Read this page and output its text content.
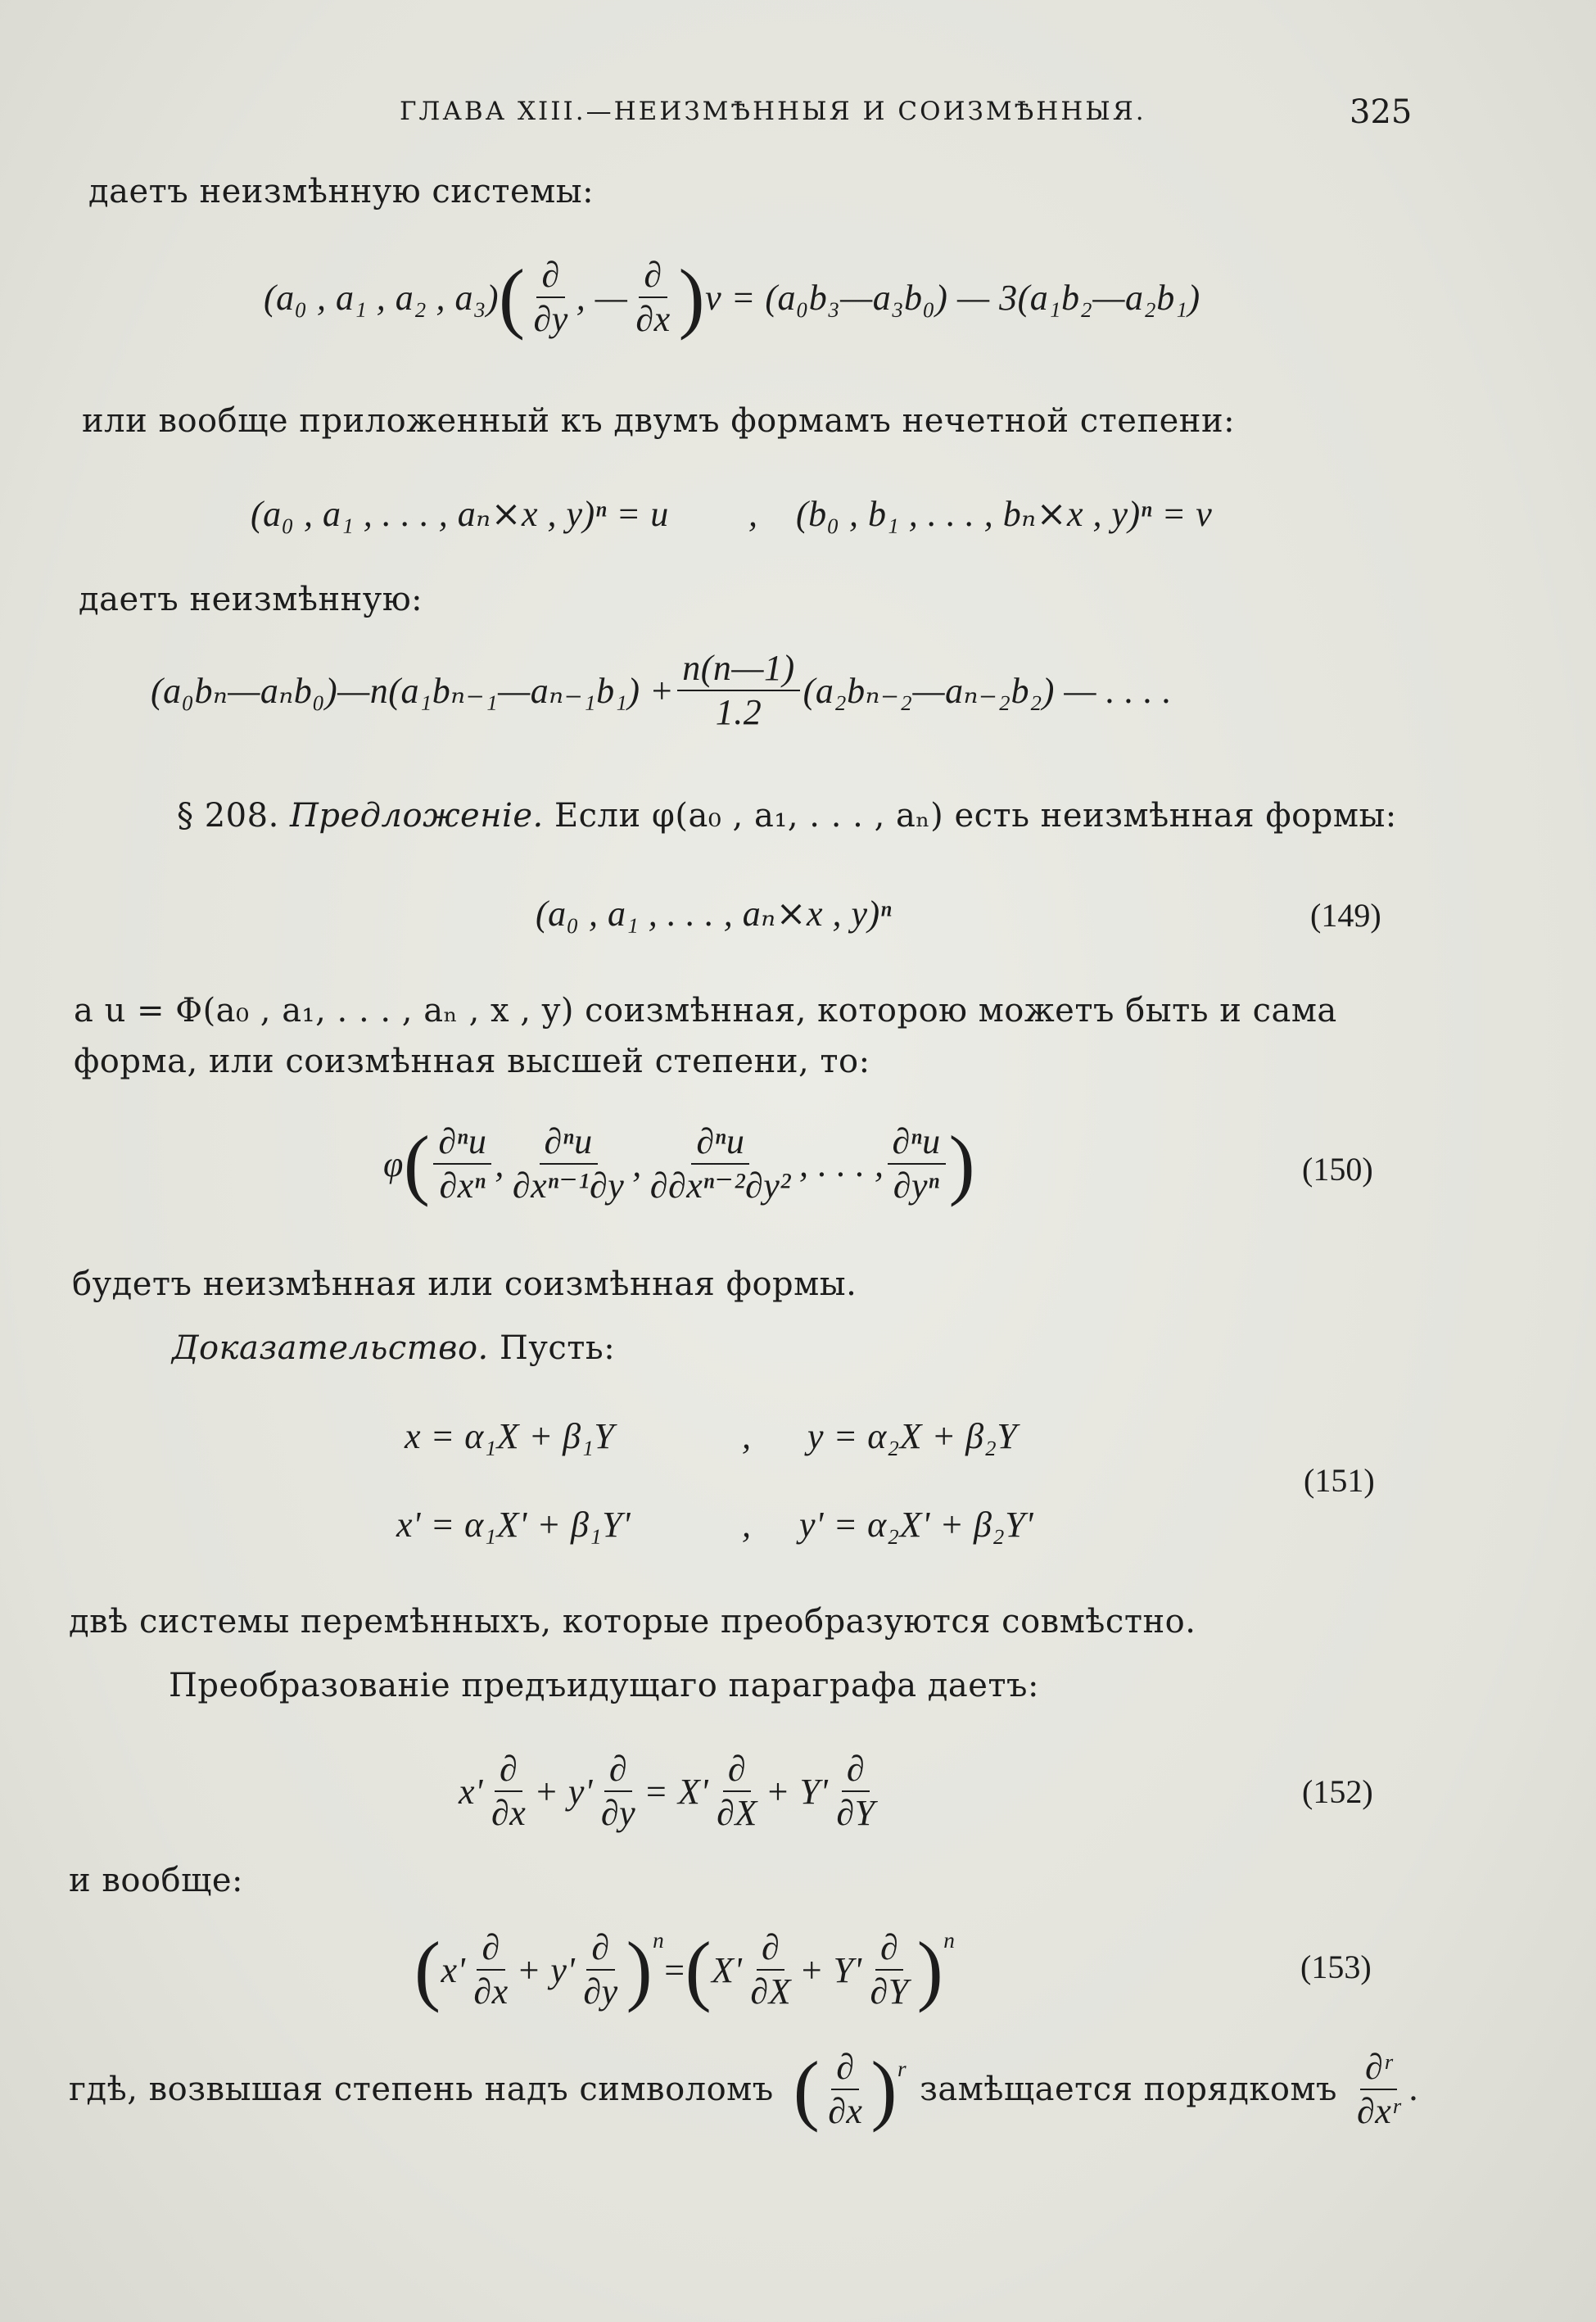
ГЛАВА XIII.—НЕИЗМѢННЫЯ И СОИЗМѢННЫЯ.	325
даетъ неизмѣнную системы:
(a₀ , a₁ , a₂ , a₃) ( $\frac{\partial}{\partial y}$ , — $\frac{\partial}{\partial x}$ ) v = (a₀b₃—a₃b₀) — 3(a₁b₂—a₂b₁)
или вообще приложенный къ двумъ формамъ нечетной степени:
(a₀ , a₁ , . . . , aₙ⨯x , y)ⁿ = u , (b₀ , b₁ , . . . , bₙ⨯x , y)ⁿ = v
даетъ неизмѣнную:
(a₀bₙ—aₙb₀)—n(a₁bₙ₋₁—aₙ₋₁b₁) + $\frac{n(n—1)}{1.2}$ (a₂bₙ₋₂—aₙ₋₂b₂) — . . . .
§ 208. Предложеніе. Если φ(a₀ , a₁, . . . , aₙ) есть неизмѣнная формы:
(a₀ , a₁ , . . . , aₙ⨯x , y)ⁿ	(149)
а u = Φ(a₀ , a₁, . . . , aₙ , x , y) соизмѣнная, которою можетъ быть и сама
форма, или соизмѣнная высшей степени, то:
φ ( $\frac{\text{∂ⁿu}}{\text{∂xⁿ}}$ , $\frac{\text{∂ⁿu}}{\text{∂xⁿ⁻¹∂y}}$ , $\frac{\text{∂ⁿu}}{\text{∂∂xⁿ⁻²∂y²}}$ , . . . , $\frac{\text{∂ⁿu}}{\text{∂yⁿ}}$ )	(150)
будетъ неизмѣнная или соизмѣнная формы.
Доказательство. Пусть:
x = α₁X + β₁Y	, y = α₂X + β₂Y
x' = α₁X' + β₁Y'	, y' = α₂X' + β₂Y'
(151)
двѣ системы перемѣнныхъ, которые преобразуются совмѣстно.
Преобразованіе предъидущаго параграфа даетъ:
$x' \frac{\partial}{\partial x} + y' \frac{\partial}{\partial y} = X' \frac{\partial}{\partial X} + Y' \frac{\partial}{\partial Y}$	(152)
и вообще:
( $x' \frac{\partial}{\partial x} + y' \frac{\partial}{\partial y} )^n$
= ( $X' \frac{\partial}{\partial X} + Y' \frac{\partial}{\partial Y} )^n$
(153)
гдѣ, возвышая степень надъ символомъ ( $\frac{\partial}{\partial x} )^r$
замѣщается порядкомъ $\frac{\text{∂ʳ}}{\text{∂xʳ}}$ .
